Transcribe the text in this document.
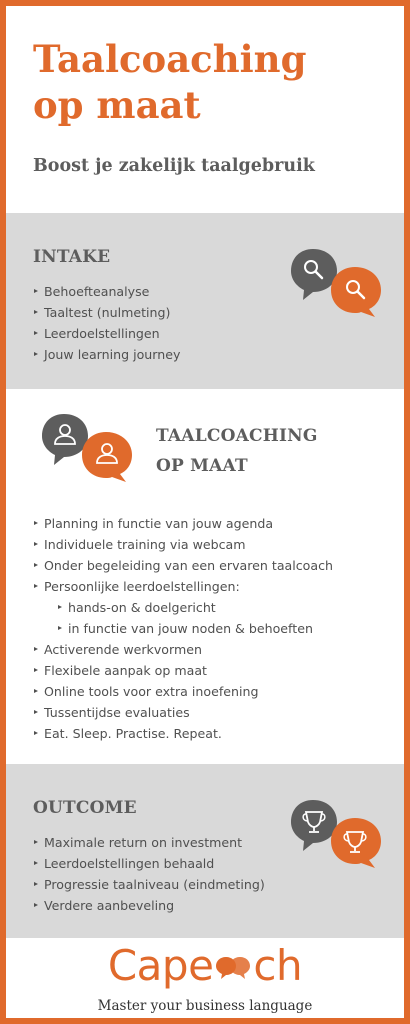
Taalcoaching
op maat

Boost je zakelijk taalgebruik

INTAKE
Behoefteanalyse
Taaltest (nulmeting)
Leerdoelstellingen
Jouw learning journey
TAALCOACHING
OP MAAT
Planning in functie van jouw agenda
Individuele training via webcam
Onder begeleiding van een ervaren taalcoach
Persoonlijke leerdoelstellingen:
hands-on & doelgericht
in functie van jouw noden & behoeften
Activerende werkvormen
Flexibele aanpak op maat
Online tools voor extra inoefening
Tussentijdse evaluaties
Eat. Sleep. Practise. Repeat.
OUTCOME
Maximale return on investment
Leerdoelstellingen behaald
Progressie taalniveau (eindmeting)
Verdere aanbeveling
Cape ch
Master your business language
